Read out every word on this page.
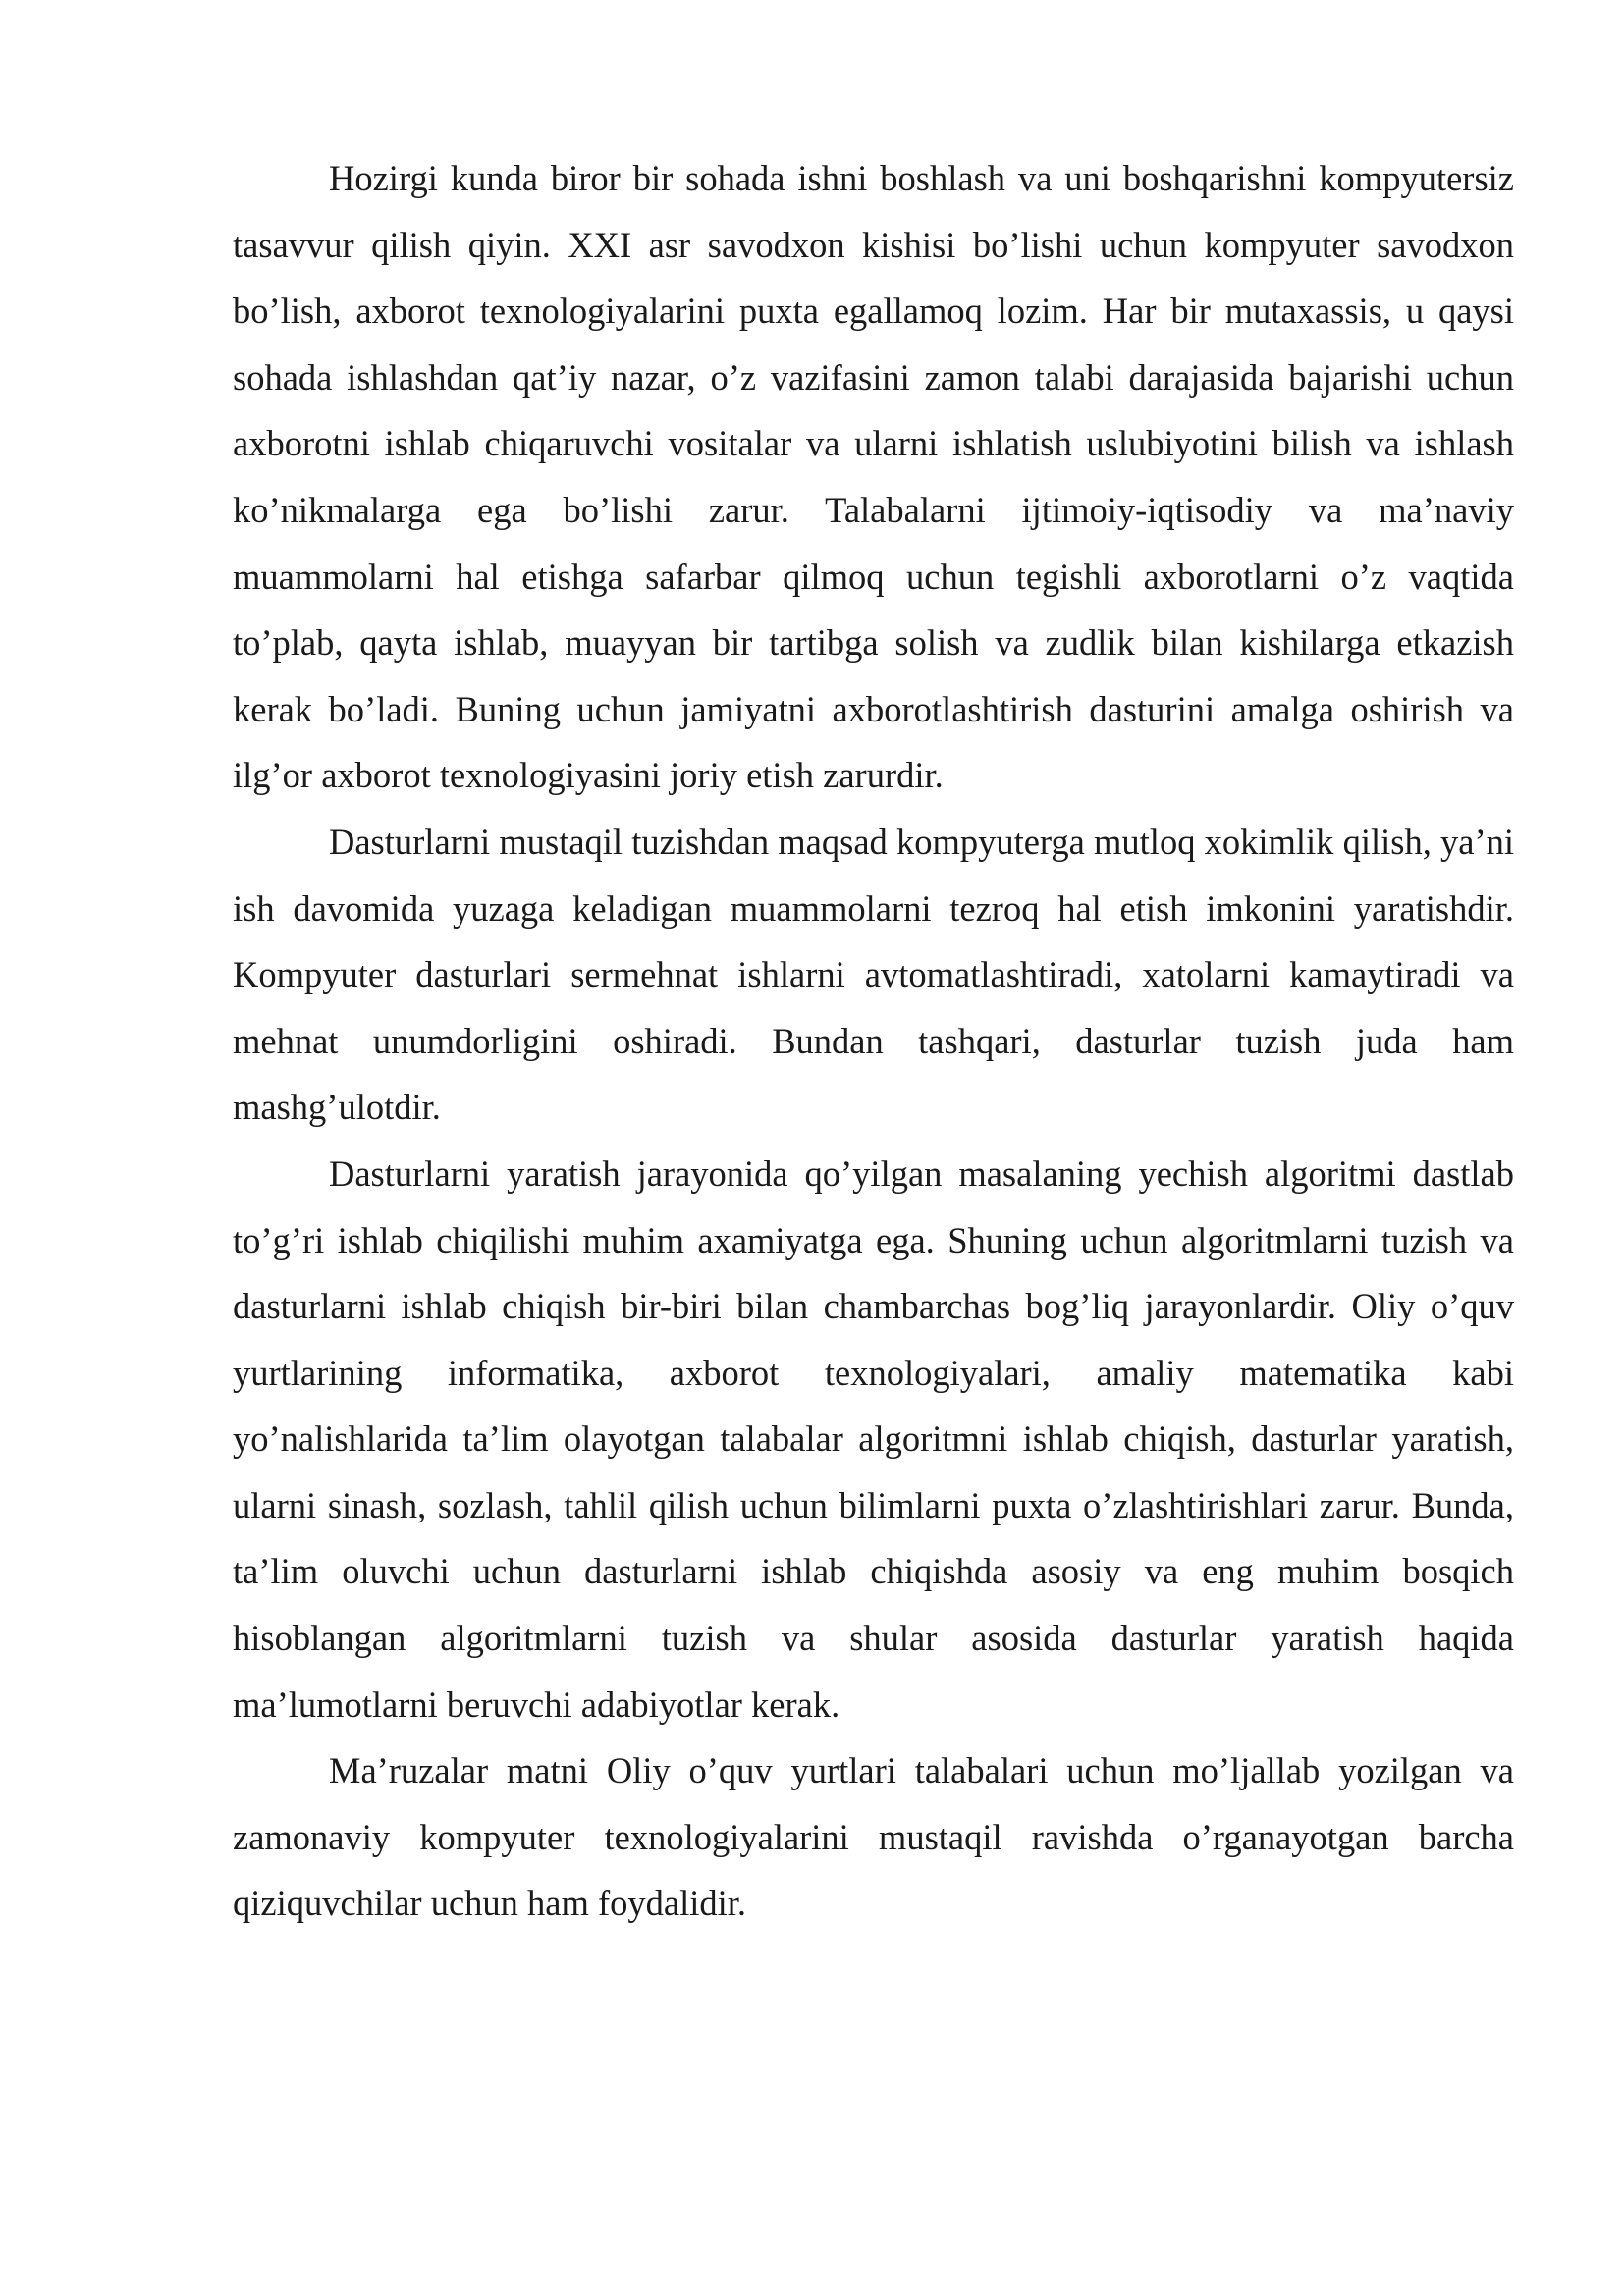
Hozirgi kunda biror bir sohada ishni boshlash va uni boshqarishni kompyutersiz tasavvur qilish qiyin. XXI asr savodxon kishisi bo’lishi uchun kompyuter savodxon bo’lish, axborot texnologiyalarini puxta egallamoq lozim. Har bir mutaxassis, u qaysi sohada ishlashdan qat’iy nazar, o’z vazifasini zamon talabi darajasida bajarishi uchun axborotni ishlab chiqaruvchi vositalar va ularni ishlatish uslubiyotini bilish va ishlash ko’nikmalarga ega bo’lishi zarur. Talabalarni ijtimoiy-iqtisodiy va ma’naviy muammolarni hal etishga safarbar qilmoq uchun tegishli axborotlarni o’z vaqtida to’plab, qayta ishlab, muayyan bir tartibga solish va zudlik bilan kishilarga etkazish kerak bo’ladi. Buning uchun jamiyatni axborotlashtirish dasturini amalga oshirish va ilg’or axborot texnologiyasini joriy etish zarurdir.

Dasturlarni mustaqil tuzishdan maqsad kompyuterga mutloq xokimlik qilish, ya’ni ish davomida yuzaga keladigan muammolarni tezroq hal etish imkonini yaratishdir. Kompyuter dasturlari sermehnat ishlarni avtomatlashtiradi, xatolarni kamaytiradi va mehnat unumdorligini oshiradi. Bundan tashqari, dasturlar tuzish juda ham mashg’ulotdir.

Dasturlarni yaratish jarayonida qo’yilgan masalaning yechish algoritmi dastlab to’g’ri ishlab chiqilishi muhim axamiyatga ega. Shuning uchun algoritmlarni tuzish va dasturlarni ishlab chiqish bir-biri bilan chambarchas bog’liq jarayonlardir. Oliy o’quv yurtlarining informatika, axborot texnologiyalari, amaliy matematika kabi yo’nalishlarida ta’lim olayotgan talabalar algoritmni ishlab chiqish, dasturlar yaratish, ularni sinash, sozlash, tahlil qilish uchun bilimlarni puxta o’zlashtirishlari zarur. Bunda, ta’lim oluvchi uchun dasturlarni ishlab chiqishda asosiy va eng muhim bosqich hisoblangan algoritmlarni tuzish va shular asosida dasturlar yaratish haqida ma’lumotlarni beruvchi adabiyotlar kerak.

Ma’ruzalar matni Oliy o’quv yurtlari talabalari uchun mo’ljallab yozilgan va zamonaviy kompyuter texnologiyalarini mustaqil ravishda o’rganayotgan barcha qiziquvchilar uchun ham foydalidir.
